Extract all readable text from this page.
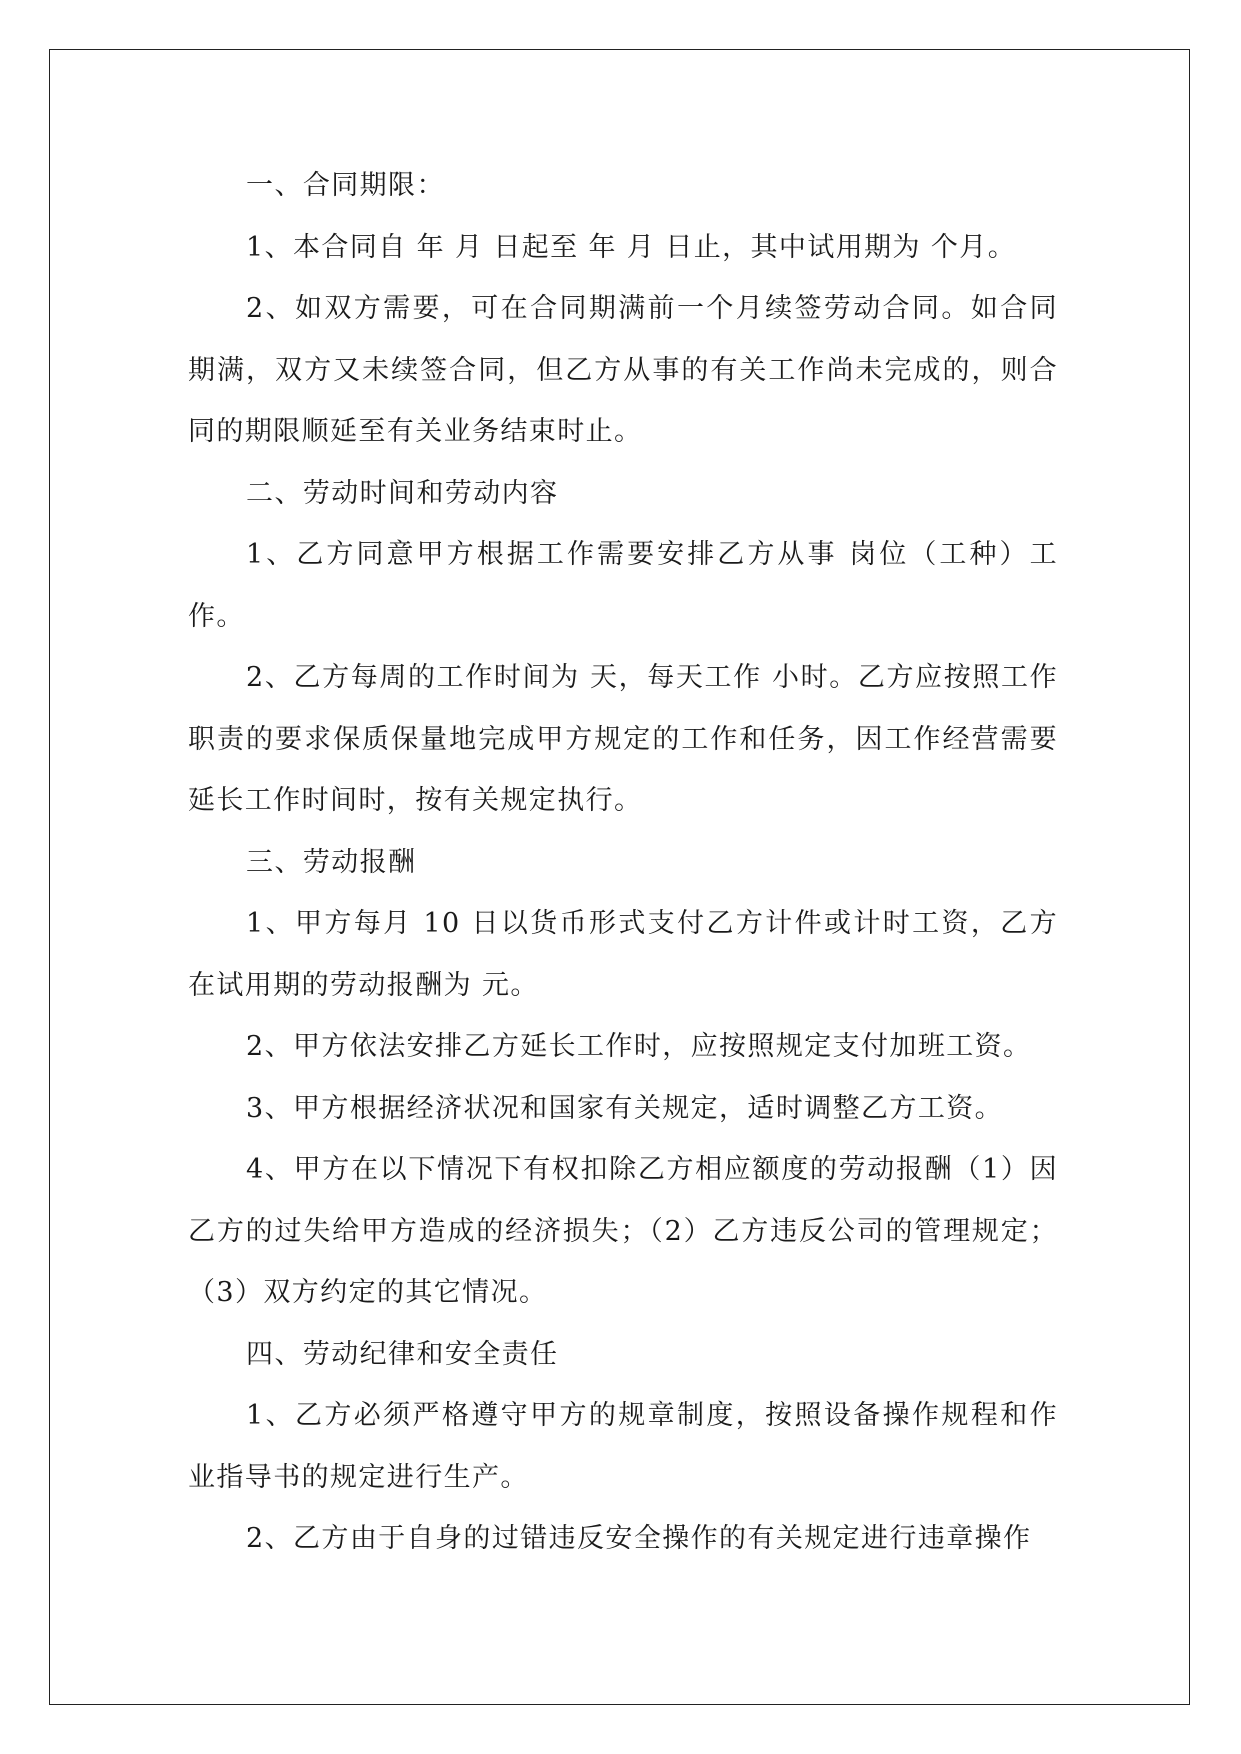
一、合同期限：

1、本合同自 年 月 日起至 年 月 日止，其中试用期为 个月。

2、如双方需要，可在合同期满前一个月续签劳动合同。如合同期满，双方又未续签合同，但乙方从事的有关工作尚未完成的，则合同的期限顺延至有关业务结束时止。

二、劳动时间和劳动内容

1、乙方同意甲方根据工作需要安排乙方从事 岗位（工种）工作。

2、乙方每周的工作时间为 天，每天工作 小时。乙方应按照工作职责的要求保质保量地完成甲方规定的工作和任务，因工作经营需要延长工作时间时，按有关规定执行。

三、劳动报酬

1、甲方每月 10 日以货币形式支付乙方计件或计时工资，乙方在试用期的劳动报酬为 元。

2、甲方依法安排乙方延长工作时，应按照规定支付加班工资。

3、甲方根据经济状况和国家有关规定，适时调整乙方工资。

4、甲方在以下情况下有权扣除乙方相应额度的劳动报酬（1）因乙方的过失给甲方造成的经济损失；（2）乙方违反公司的管理规定；（3）双方约定的其它情况。

四、劳动纪律和安全责任

1、乙方必须严格遵守甲方的规章制度，按照设备操作规程和作业指导书的规定进行生产。

2、乙方由于自身的过错违反安全操作的有关规定进行违章操作
